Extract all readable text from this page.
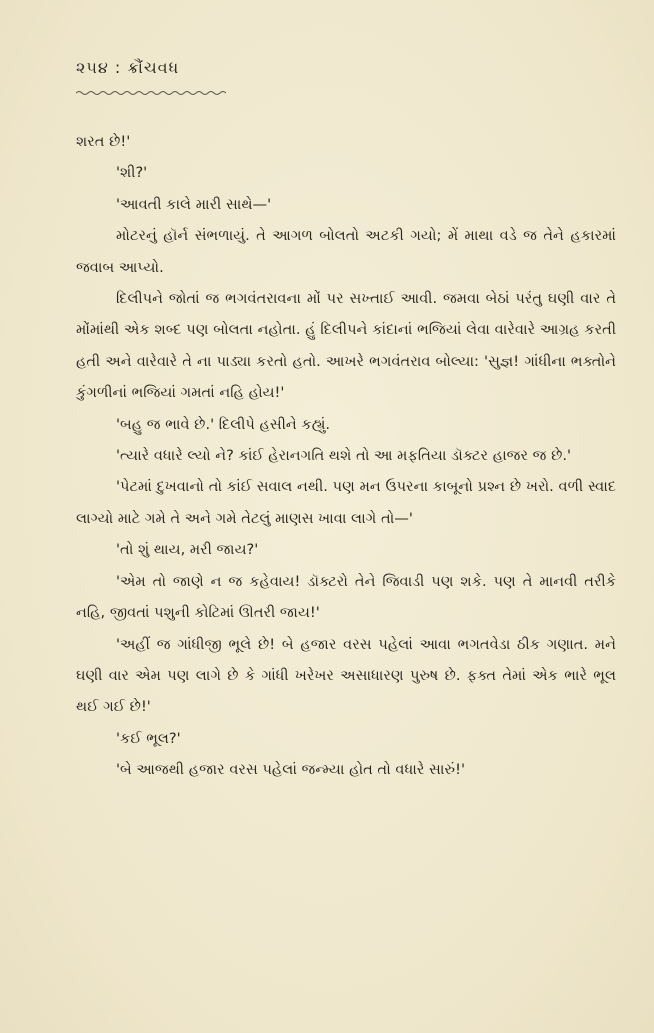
૨૫૪ : ક્રૌંચવધ

શરત છે!'

'શી?'

'આવતી કાલે મારી સાથે—'

મોટરનું હૉર્ન સંભળાયું. તે આગળ બોલતો અટકી ગયો; મેં માથા વડે જ તેને હકારમાં જવાબ આપ્યો.

દિલીપને જોતાં જ ભગવંતરાવના મોં પર સખ્તાઈ આવી. જમવા બેઠાં પરંતુ ઘણી વાર તે મોંમાંથી એક શબ્દ પણ બોલતા નહોતા. હું દિલીપને કાંદાનાં ભજિયાં લેવા વારેવારે આગ્રહ કરતી હતી અને વારેવારે તે ના પાડ્યા કરતો હતો. આખરે ભગવંતરાવ બોલ્યા: 'સુજ્ઞ! ગાંધીના ભક્તોને કુંગળીનાં ભજિયાં ગમતાં નહિ હોય!'

'બહુ જ ભાવે છે.' દિલીપે હસીને કહ્યું.

'ત્યારે વધારે લ્યો ને? કાંઈ હેરાનગતિ થશે તો આ મફતિયા ડૉક્ટર હાજર જ છે.'

'પેટમાં દુખવાનો તો કાંઈ સવાલ નથી. પણ મન ઉપરના કાબૂનો પ્રશ્ન છે ખરો. વળી સ્વાદ લાગ્યો માટે ગમે તે અને ગમે તેટલું માણસ ખાવા લાગે તો—'

'તો શું થાય, મરી જાય?'

'એમ તો જાણે ન જ કહેવાય! ડૉક્ટરો તેને જિવાડી પણ શકે. પણ તે માનવી તરીકે નહિ, જીવતાં પશુની કોટિમાં ઊતરી જાય!'

'અહીં જ ગાંધીજી ભૂલે છે! બે હજાર વરસ પહેલાં આવા ભગતવેડા ઠીક ગણાત. મને ઘણી વાર એમ પણ લાગે છે કે ગાંધી ખરેખર અસાધારણ પુરુષ છે. ફક્ત તેમાં એક ભારે ભૂલ થઈ ગઈ છે!'

'કઈ ભૂલ?'

'બે આજથી હજાર વરસ પહેલાં જન્મ્યા હોત તો વધારે સારું!'
